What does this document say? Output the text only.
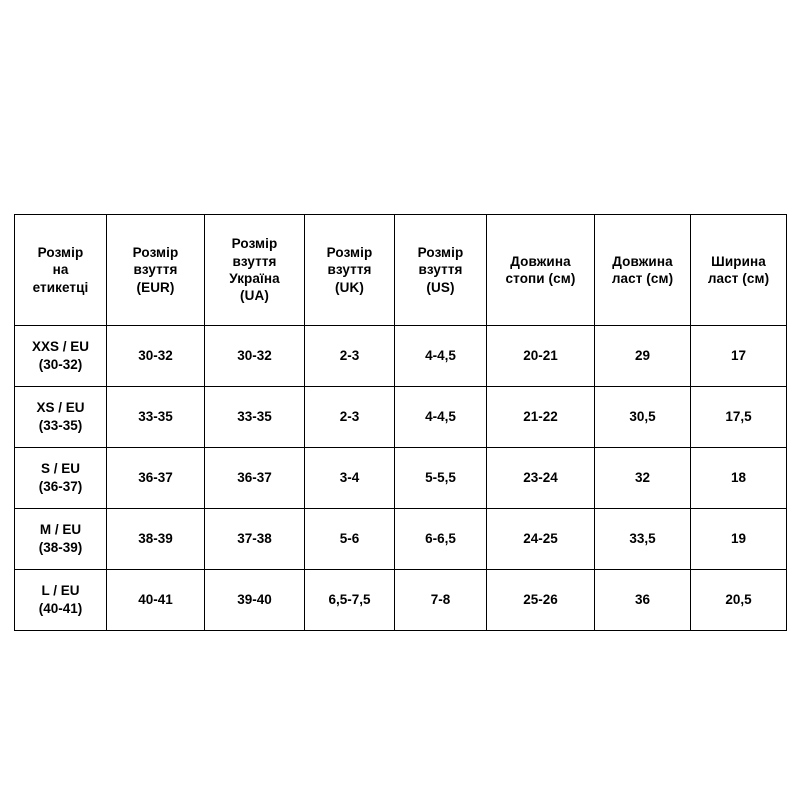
Розмір
на
етикетці	Розмір
взуття
(EUR)	Розмір
взуття
Україна
(UA)	Розмір
взуття
(UK)	Розмір
взуття
(US)	Довжина
стопи (см)	Довжина
ласт (см)	Ширина
ласт (см)
XXS / EU
(30-32)	30-32	30-32	2-3	4-4,5	20-21	29	17
XS / EU
(33-35)	33-35	33-35	2-3	4-4,5	21-22	30,5	17,5
S / EU
(36-37)	36-37	36-37	3-4	5-5,5	23-24	32	18
M / EU
(38-39)	38-39	37-38	5-6	6-6,5	24-25	33,5	19
L / EU
(40-41)	40-41	39-40	6,5-7,5	7-8	25-26	36	20,5
